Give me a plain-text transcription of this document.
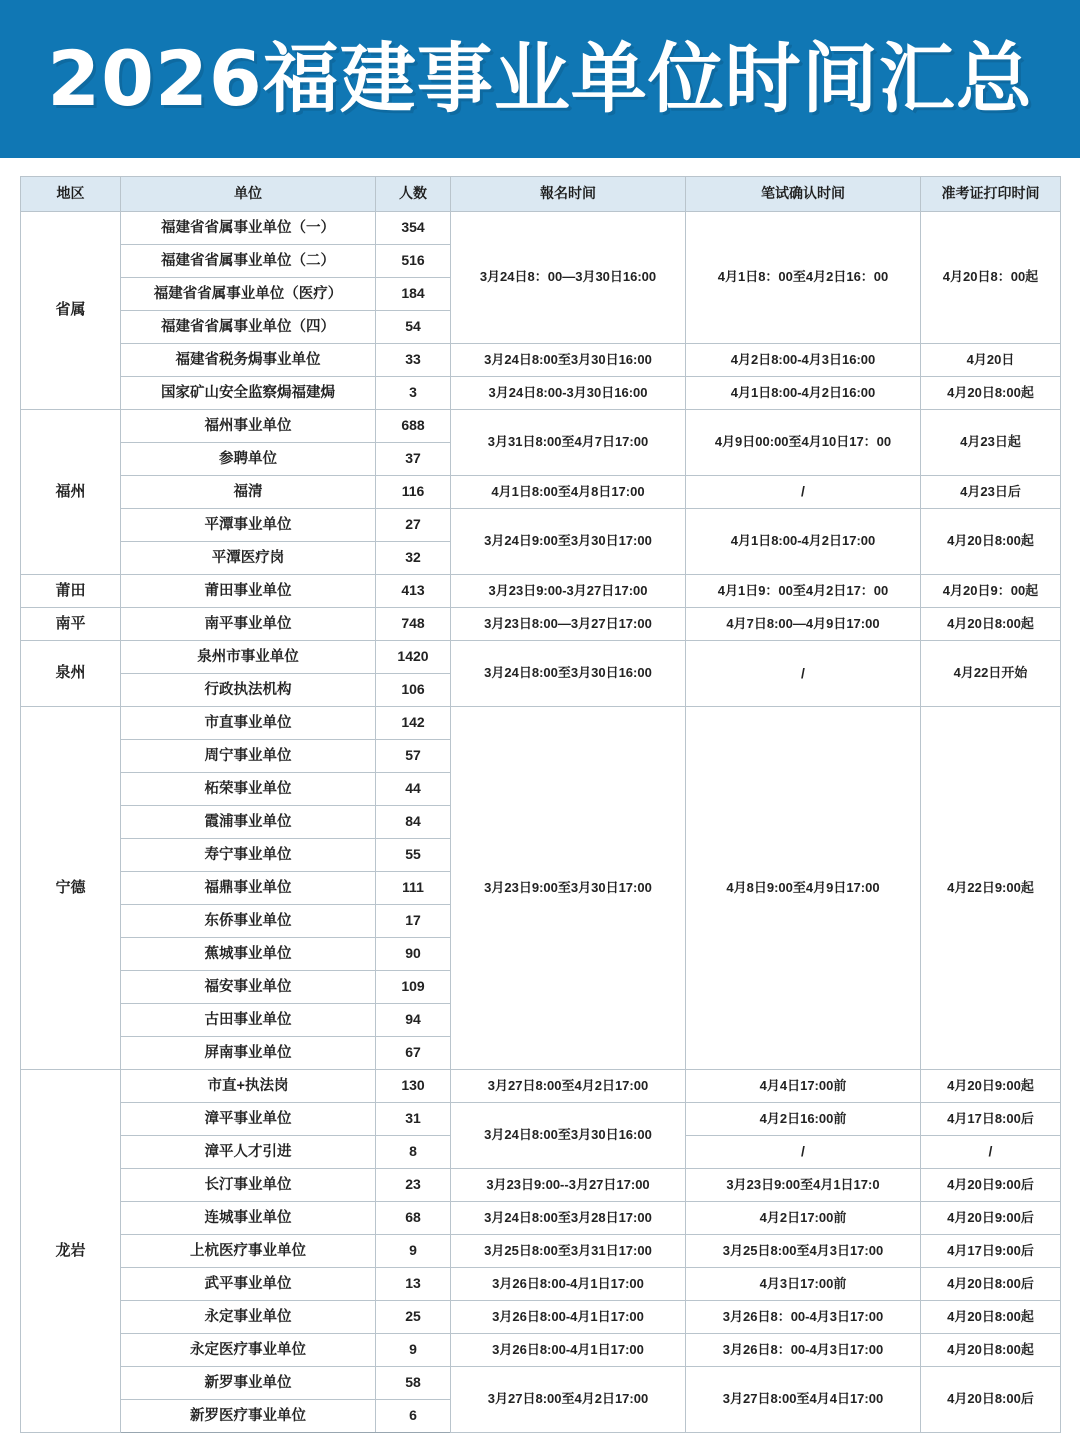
2026福建事业单位时间汇总
地区	单位	人数	報名时间	笔试确认时间	准考证打印时间
省属	福建省省属事业单位（一）	354	3月24日8：00—3月30日16:00	4月1日8：00至4月2日16：00	4月20日8：00起
	福建省省属事业单位（二）	516			
	福建省省属事业单位（医疗）	184			
	福建省省属事业单位（四）	54			
	福建省税务焗事业单位	33	3月24日8:00至3月30日16:00	4月2日8:00-4月3日16:00	4月20日
	国家矿山安全监察焗福建焗	3	3月24日8:00-3月30日16:00	4月1日8:00-4月2日16:00	4月20日8:00起
福州	福州事业单位	688	3月31日8:00至4月7日17:00	4月9日00:00至4月10日17：00	4月23日起
	参聘单位	37			
	福清	116	4月1日8:00至4月8日17:00	/	4月23日后
	平潭事业单位	27	3月24日9:00至3月30日17:00	4月1日8:00-4月2日17:00	4月20日8:00起
	平潭医疗岗	32			
莆田	莆田事业单位	413	3月23日9:00-3月27日17:00	4月1日9：00至4月2日17：00	4月20日9：00起
南平	南平事业单位	748	3月23日8:00—3月27日17:00	4月7日8:00—4月9日17:00	4月20日8:00起
泉州	泉州市事业单位	1420	3月24日8:00至3月30日16:00	/	4月22日开始
	行政执法机构	106			
宁德	市直事业单位	142	3月23日9:00至3月30日17:00	4月8日9:00至4月9日17:00	4月22日9:00起
	周宁事业单位	57			
	柘荣事业单位	44			
	霞浦事业单位	84			
	寿宁事业单位	55			
	福鼎事业单位	111			
	东侨事业单位	17			
	蕉城事业单位	90			
	福安事业单位	109			
	古田事业单位	94			
	屏南事业单位	67			
龙岩	市直+执法岗	130	3月27日8:00至4月2日17:00	4月4日17:00前	4月20日9:00起
	漳平事业单位	31	3月24日8:00至3月30日16:00	4月2日16:00前	4月17日8:00后
	漳平人才引进	8		/	/
	长汀事业单位	23	3月23日9:00--3月27日17:00	3月23日9:00至4月1日17:0	4月20日9:00后
	连城事业单位	68	3月24日8:00至3月28日17:00	4月2日17:00前	4月20日9:00后
	上杭医疗事业单位	9	3月25日8:00至3月31日17:00	3月25日8:00至4月3日17:00	4月17日9:00后
	武平事业单位	13	3月26日8:00-4月1日17:00	4月3日17:00前	4月20日8:00后
	永定事业单位	25	3月26日8:00-4月1日17:00	3月26日8：00-4月3日17:00	4月20日8:00起
	永定医疗事业单位	9	3月26日8:00-4月1日17:00	3月26日8：00-4月3日17:00	4月20日8:00起
	新罗事业单位	58	3月27日8:00至4月2日17:00	3月27日8:00至4月4日17:00	4月20日8:00后
	新罗医疗事业单位	6			
